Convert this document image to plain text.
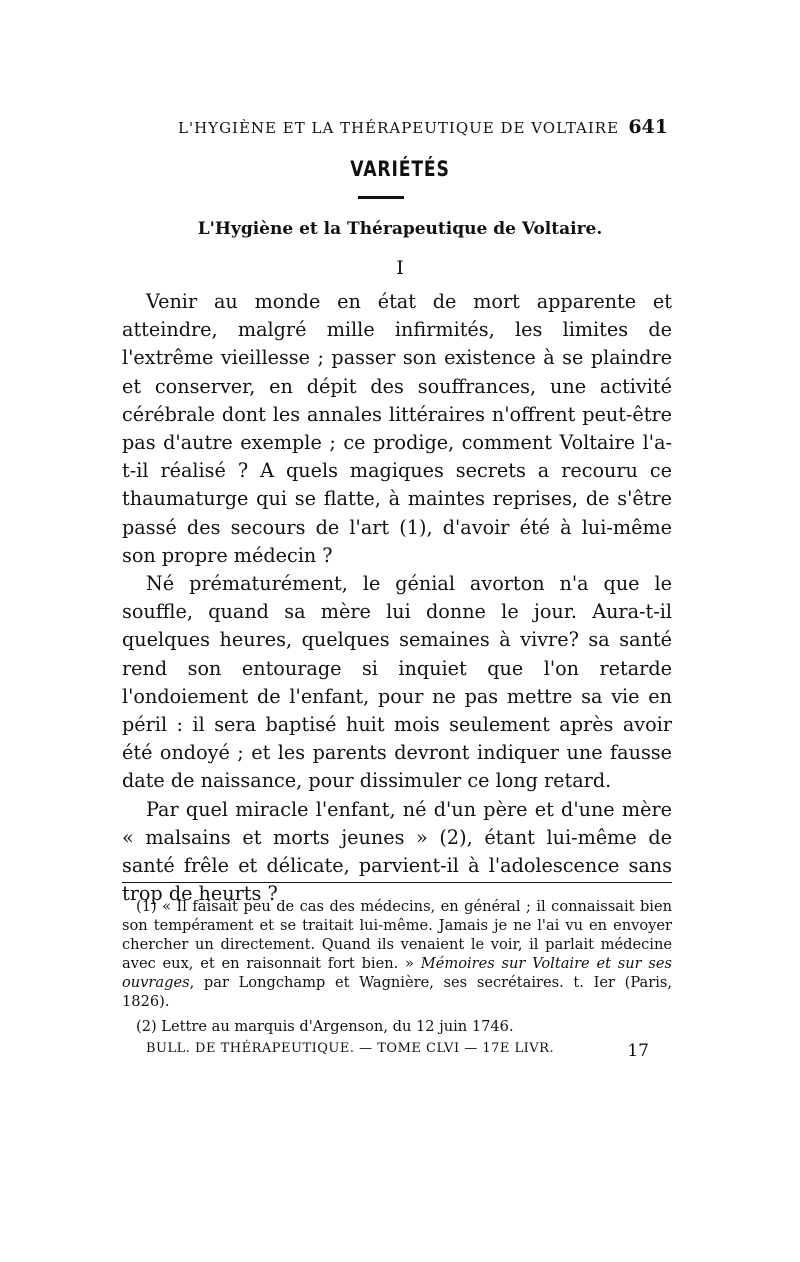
L'HYGIÈNE ET LA THÉRAPEUTIQUE DE VOLTAIRE 641
VARIÉTÉS
L'Hygiène et la Thérapeutique de Voltaire.
I

Venir au monde en état de mort apparente et atteindre, malgré mille infirmités, les limites de l'extrême vieillesse ; passer son existence à se plaindre et conserver, en dépit des souffrances, une activité cérébrale dont les annales littéraires n'offrent peut-être pas d'autre exemple ; ce prodige, comment Voltaire l'a-t-il réalisé ? A quels magiques secrets a recouru ce thaumaturge qui se flatte, à maintes reprises, de s'être passé des secours de l'art (1), d'avoir été à lui-même son propre médecin ?

Né prématurément, le génial avorton n'a que le souffle, quand sa mère lui donne le jour. Aura-t-il quelques heures, quelques semaines à vivre? sa santé rend son entourage si inquiet que l'on retarde l'ondoiement de l'enfant, pour ne pas mettre sa vie en péril : il sera baptisé huit mois seulement après avoir été ondoyé ; et les parents devront indiquer une fausse date de naissance, pour dissimuler ce long retard.

Par quel miracle l'enfant, né d'un père et d'une mère « malsains et morts jeunes » (2), étant lui-même de santé frêle et délicate, parvient-il à l'adolescence sans trop de heurts ?

(1) « Il faisait peu de cas des médecins, en général ; il connaissait bien son tempérament et se traitait lui-même. Jamais je ne l'ai vu en envoyer chercher un directement. Quand ils venaient le voir, il parlait médecine avec eux, et en raisonnait fort bien. » Mémoires sur Voltaire et sur ses ouvrages, par Longchamp et Wagnière, ses secrétaires. t. Ier (Paris, 1826).

(2) Lettre au marquis d'Argenson, du 12 juin 1746.

BULL. DE THÉRAPEUTIQUE. — TOME CLVI — 17E LIVR.	17
